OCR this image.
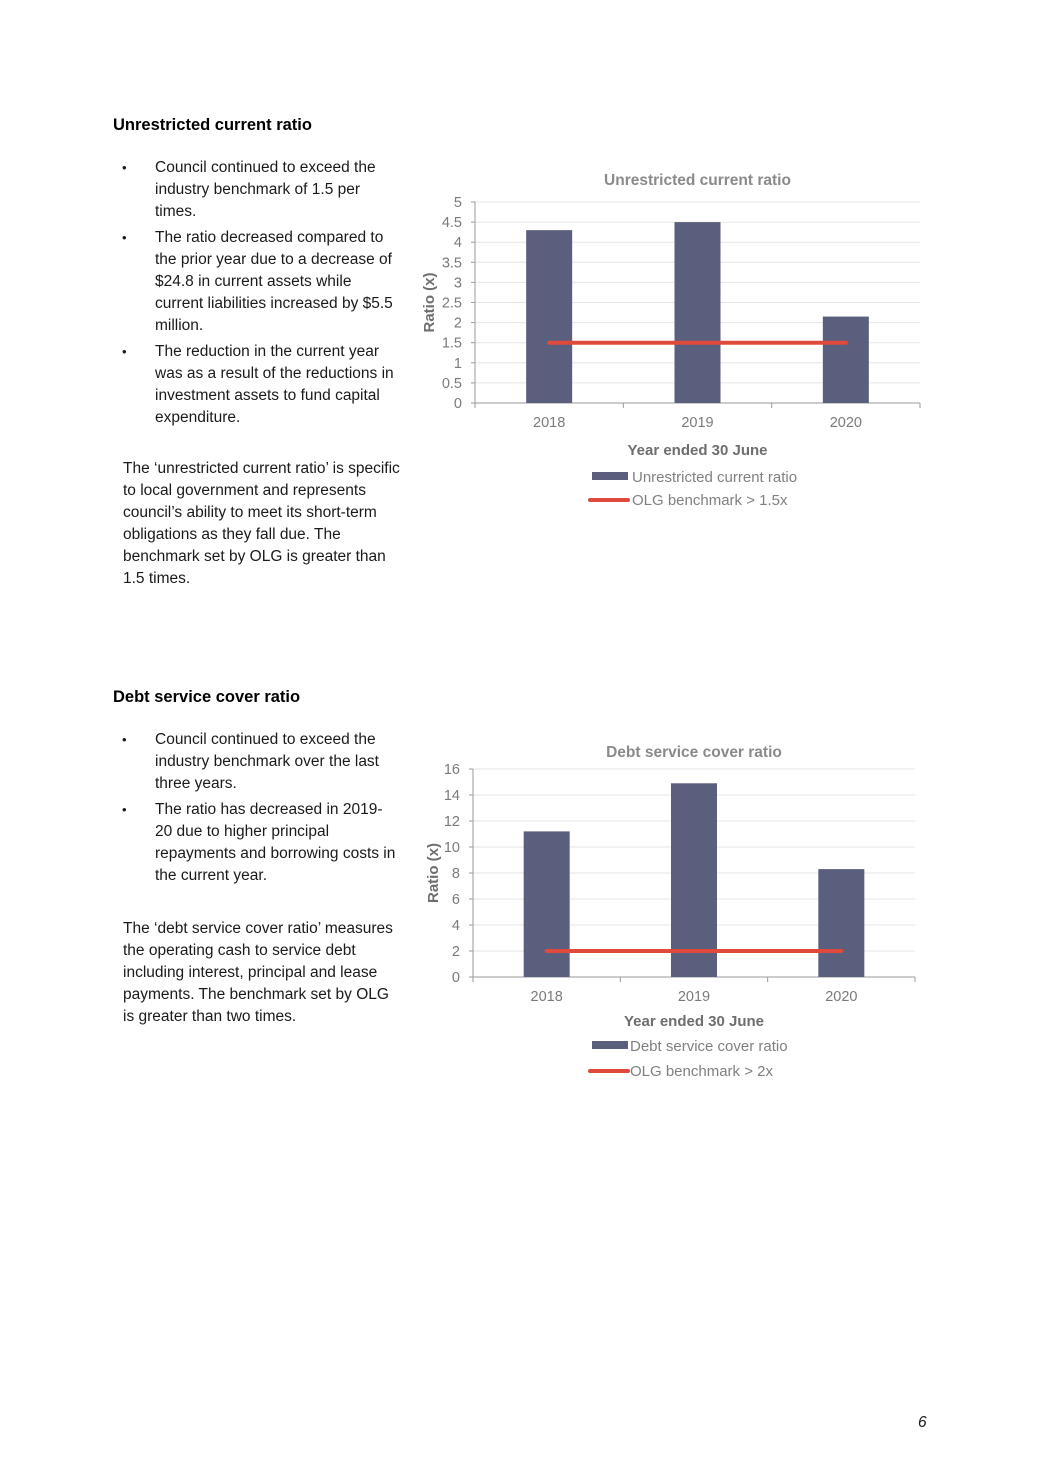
Unrestricted current ratio
• Council continued to exceed the industry benchmark of 1.5 per times.
• The ratio decreased compared to the prior year due to a decrease of $24.8 in current assets while current liabilities increased by $5.5 million.
• The reduction in the current year was as a result of the reductions in investment assets to fund capital expenditure.

The ‘unrestricted current ratio’ is specific to local government and represents council’s ability to meet its short-term obligations as they fall due. The benchmark set by OLG is greater than 1.5 times.

0
0.5
1
1.5
2
2.5
3
3.5
4
4.5
5
2018	2019	2020
Unrestricted current ratio
Year ended 30 June
Ratio (x)
Unrestricted current ratio
OLG benchmark > 1.5x
Debt service cover ratio
• Council continued to exceed the industry benchmark over the last three years.
• The ratio has decreased in 2019-20 due to higher principal repayments and borrowing costs in the current year.

The ‘debt service cover ratio’ measures the operating cash to service debt including interest, principal and lease payments. The benchmark set by OLG is greater than two times.

0
2
4
6
8
10
12
14
16
2018	2019	2020
Debt service cover ratio
Year ended 30 June
Ratio (x)
Debt service cover ratio
OLG benchmark > 2x
6
